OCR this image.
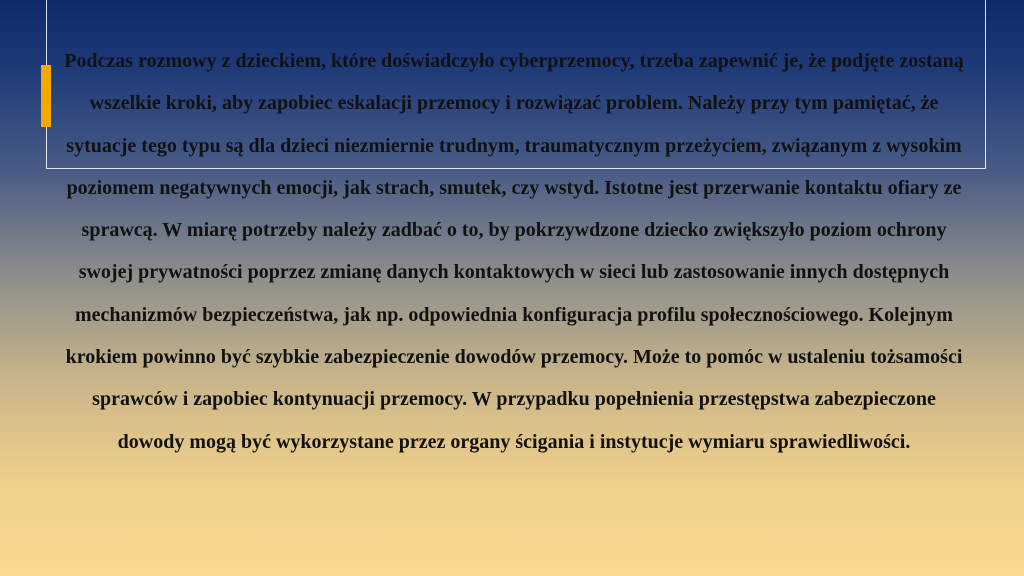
Podczas rozmowy z dzieckiem, które doświadczyło cyberprzemocy, trzeba zapewnić je, że podjęte zostaną wszelkie kroki, aby zapobiec eskalacji przemocy i rozwiązać problem. Należy przy tym pamiętać, że sytuacje tego typu są dla dzieci niezmiernie trudnym, traumatycznym przeżyciem, związanym z wysokim poziomem negatywnych emocji, jak strach, smutek, czy wstyd. Istotne jest przerwanie kontaktu ofiary ze sprawcą. W miarę potrzeby należy zadbać o to, by pokrzywdzone dziecko zwiększyło poziom ochrony swojej prywatności poprzez zmianę danych kontaktowych w sieci lub zastosowanie innych dostępnych mechanizmów bezpieczeństwa, jak np. odpowiednia konfiguracja profilu społecznościowego. Kolejnym krokiem powinno być szybkie zabezpieczenie dowodów przemocy. Może to pomóc w ustaleniu tożsamości sprawców i zapobiec kontynuacji przemocy. W przypadku popełnienia przestępstwa zabezpieczone dowody mogą być wykorzystane przez organy ścigania i instytucje wymiaru sprawiedliwości.
